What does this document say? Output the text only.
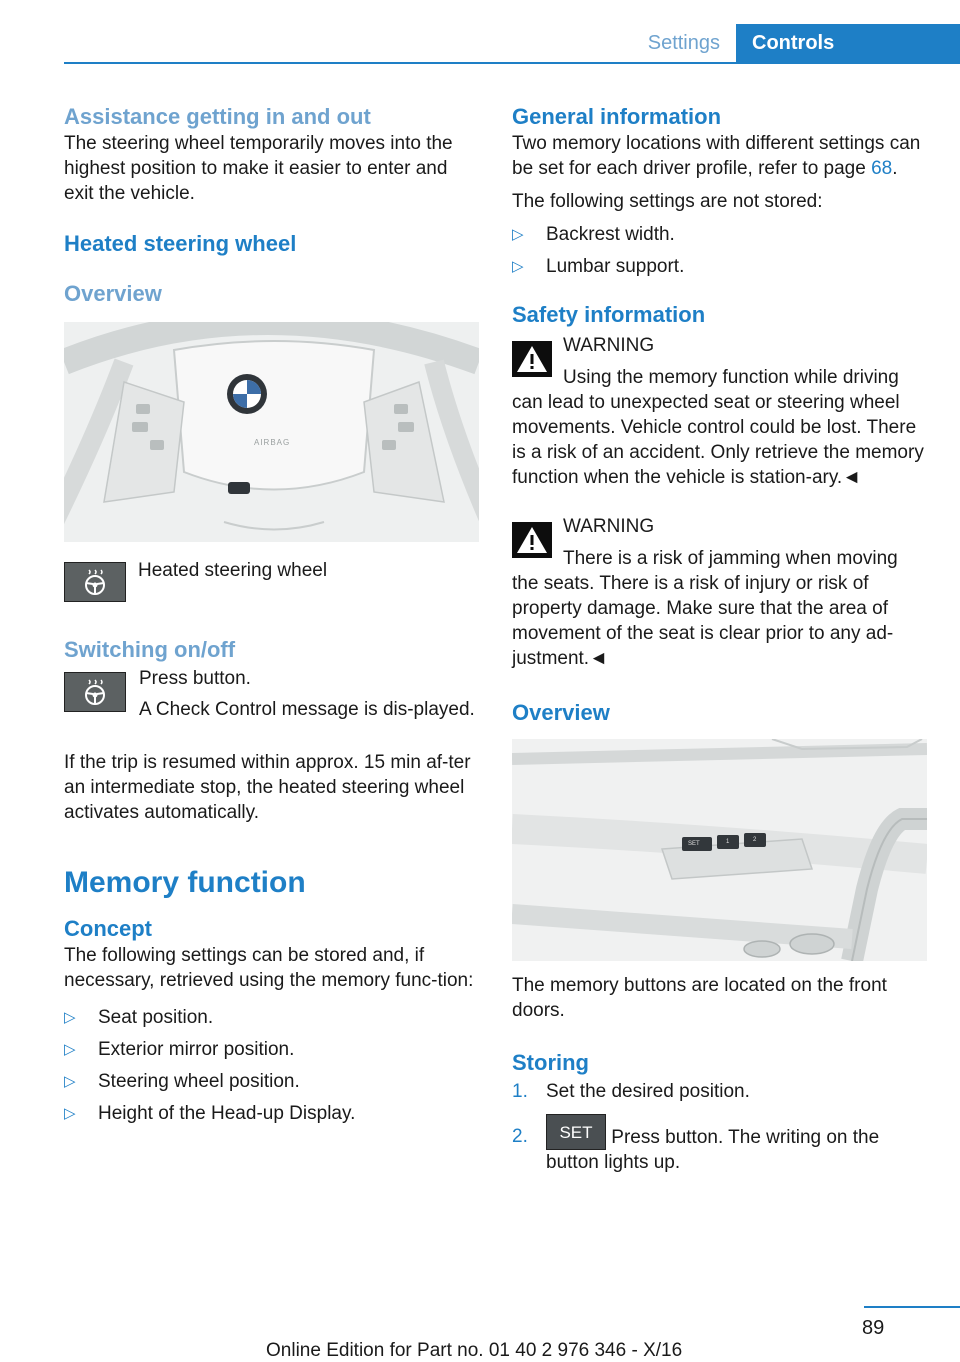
Settings	Controls
Assistance getting in and out

The steering wheel temporarily moves into the highest position to make it easier to enter and exit the vehicle.

Heated steering wheel
Overview
AIRBAG
Heated steering wheel
Switching on/off

Press button.

A Check Control message is dis-played.

If the trip is resumed within approx. 15 min af-ter an intermediate stop, the heated steering wheel activates automatically.

Memory function
Concept

The following settings can be stored and, if necessary, retrieved using the memory func-tion:

▷ Seat position.
▷ Exterior mirror position.
▷ Steering wheel position.
▷ Height of the Head-up Display.
General information

Two memory locations with different settings can be set for each driver profile, refer to page 68.

The following settings are not stored:

▷ Backrest width.
▷ Lumbar support.
Safety information

WARNING

Using the memory function while driving can lead to unexpected seat or steering wheel movements. Vehicle control could be lost. There is a risk of an accident. Only retrieve the memory function when the vehicle is station-ary.◄

WARNING

There is a risk of jamming when moving the seats. There is a risk of injury or risk of property damage. Make sure that the area of movement of the seat is clear prior to any ad-justment.◄

Overview
SET	1	2

The memory buttons are located on the front doors.

Storing
1. Set the desired position.
2. SET Press button. The writing on the button lights up.
89
Online Edition for Part no. 01 40 2 976 346 - X/16
